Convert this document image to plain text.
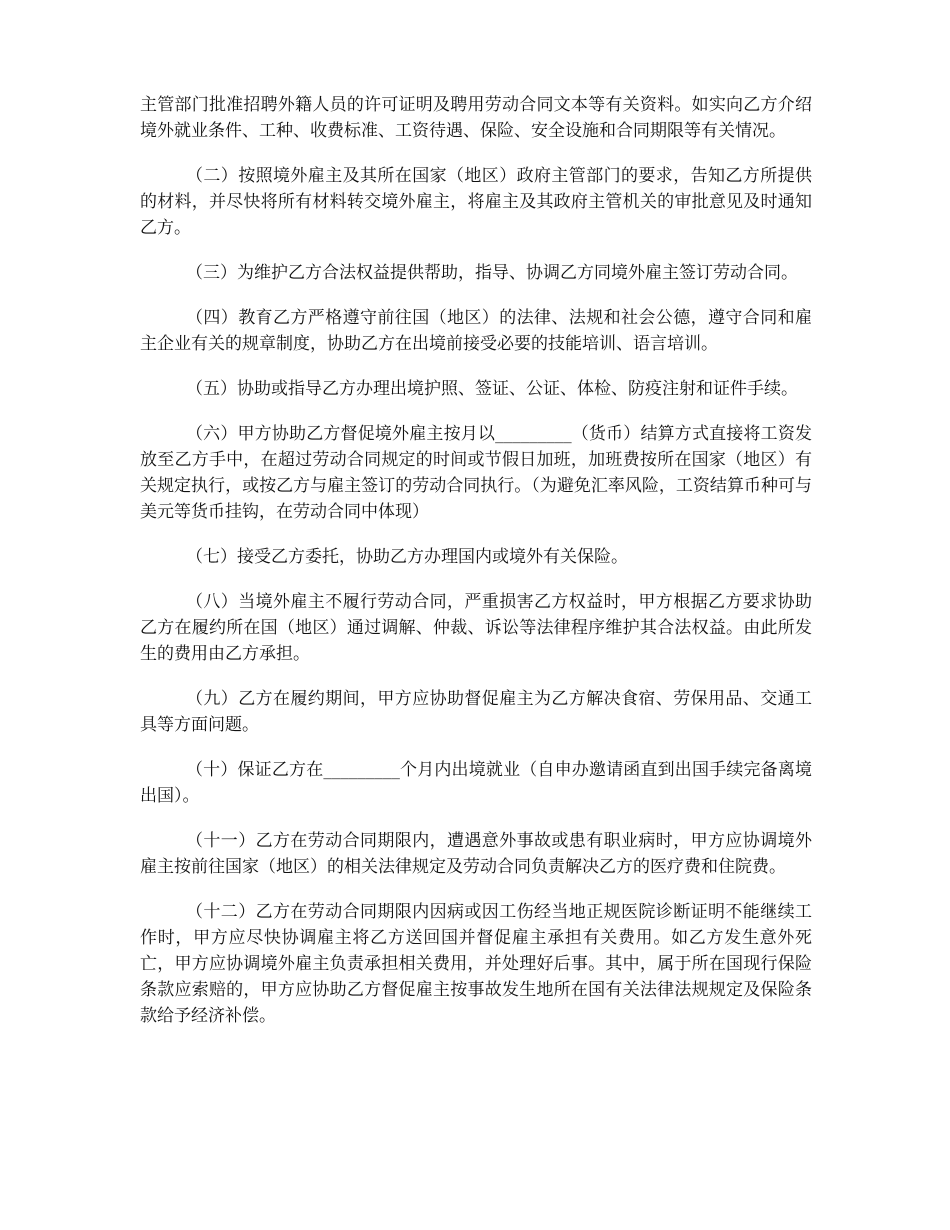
主管部门批准招聘外籍人员的许可证明及聘用劳动合同文本等有关资料。如实向乙方介绍境外就业条件、工种、收费标准、工资待遇、保险、安全设施和合同期限等有关情况。

（二）按照境外雇主及其所在国家（地区）政府主管部门的要求，告知乙方所提供的材料，并尽快将所有材料转交境外雇主，将雇主及其政府主管机关的审批意见及时通知乙方。

（三）为维护乙方合法权益提供帮助，指导、协调乙方同境外雇主签订劳动合同。

（四）教育乙方严格遵守前往国（地区）的法律、法规和社会公德，遵守合同和雇主企业有关的规章制度，协助乙方在出境前接受必要的技能培训、语言培训。

（五）协助或指导乙方办理出境护照、签证、公证、体检、防疫注射和证件手续。

（六）甲方协助乙方督促境外雇主按月以_________（货币）结算方式直接将工资发放至乙方手中，在超过劳动合同规定的时间或节假日加班，加班费按所在国家（地区）有关规定执行，或按乙方与雇主签订的劳动合同执行。（为避免汇率风险，工资结算币种可与美元等货币挂钩，在劳动合同中体现）

（七）接受乙方委托，协助乙方办理国内或境外有关保险。

（八）当境外雇主不履行劳动合同，严重损害乙方权益时，甲方根据乙方要求协助乙方在履约所在国（地区）通过调解、仲裁、诉讼等法律程序维护其合法权益。由此所发生的费用由乙方承担。

（九）乙方在履约期间，甲方应协助督促雇主为乙方解决食宿、劳保用品、交通工具等方面问题。

（十）保证乙方在_________个月内出境就业（自申办邀请函直到出国手续完备离境出国）。

（十一）乙方在劳动合同期限内，遭遇意外事故或患有职业病时，甲方应协调境外雇主按前往国家（地区）的相关法律规定及劳动合同负责解决乙方的医疗费和住院费。

（十二）乙方在劳动合同期限内因病或因工伤经当地正规医院诊断证明不能继续工作时，甲方应尽快协调雇主将乙方送回国并督促雇主承担有关费用。如乙方发生意外死亡，甲方应协调境外雇主负责承担相关费用，并处理好后事。其中，属于所在国现行保险条款应索赔的，甲方应协助乙方督促雇主按事故发生地所在国有关法律法规规定及保险条款给予经济补偿。
